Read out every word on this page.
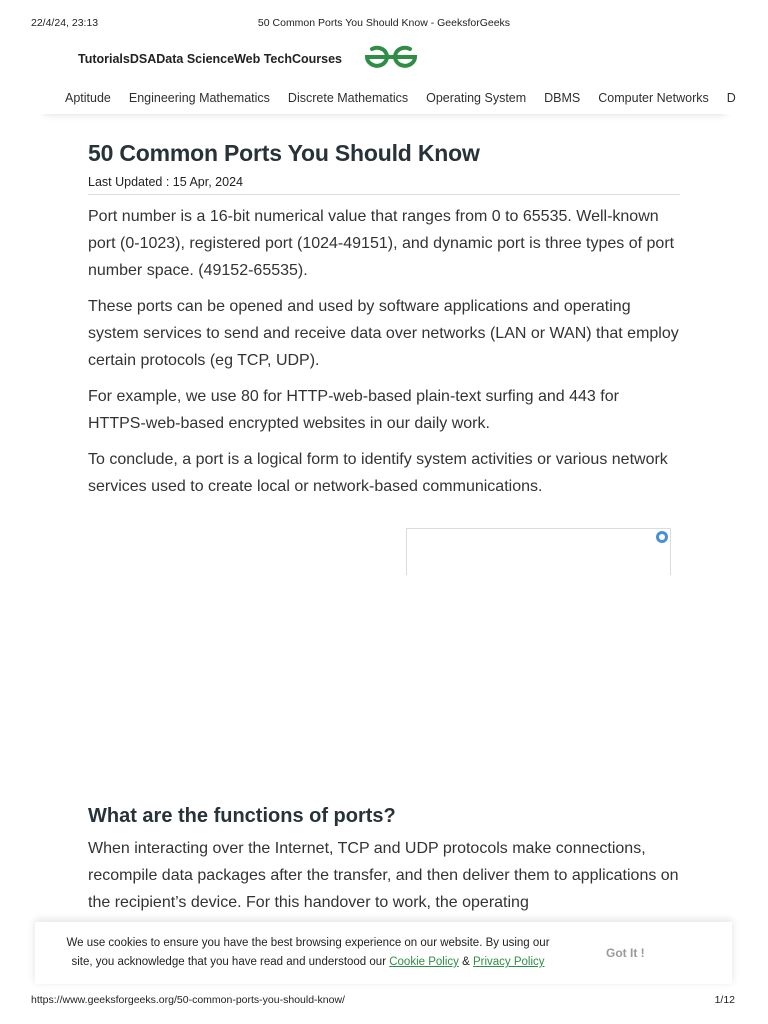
22/4/24, 23:13	50 Common Ports You Should Know - GeeksforGeeks
Tutorials DSA Data Science Web Tech Courses
Aptitude Engineering Mathematics Discrete Mathematics Operating System DBMS Computer Networks D
50 Common Ports You Should Know
Last Updated : 15 Apr, 2024

Port number is a 16-bit numerical value that ranges from 0 to 65535. Well-known port (0-1023), registered port (1024-49151), and dynamic port is three types of port number space. (49152-65535).

These ports can be opened and used by software applications and operating system services to send and receive data over networks (LAN or WAN) that employ certain protocols (eg TCP, UDP).

For example, we use 80 for HTTP-web-based plain-text surfing and 443 for HTTPS-web-based encrypted websites in our daily work.

To conclude, a port is a logical form to identify system activities or various network services used to create local or network-based communications.

What are the functions of ports?

When interacting over the Internet, TCP and UDP protocols make connections, recompile data packages after the transfer, and then deliver them to applications on the recipient’s device. For this handover to work, the operating

We use cookies to ensure you have the best browsing experience on our website. By using our site, you acknowledge that you have read and understood our Cookie Policy & Privacy Policy
Got It !
https://www.geeksforgeeks.org/50-common-ports-you-should-know/	1/12
